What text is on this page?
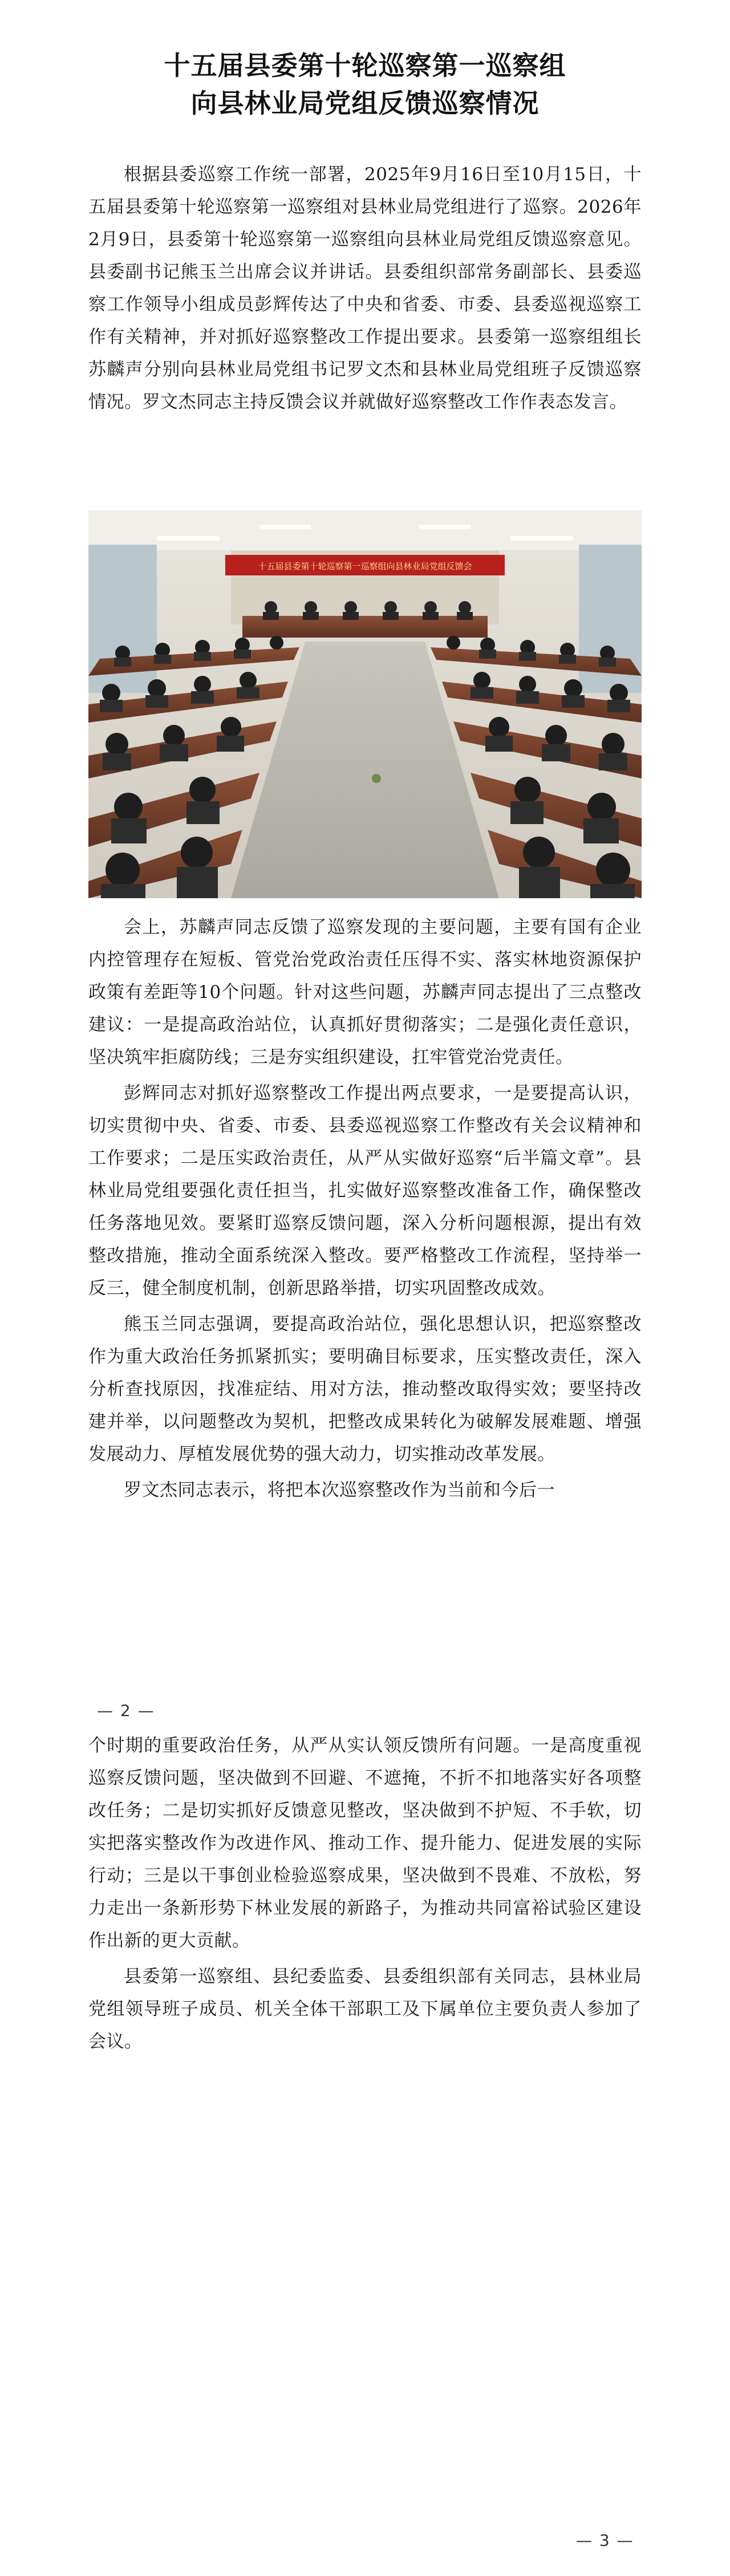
十五届县委第十轮巡察第一巡察组
向县林业局党组反馈巡察情况

根据县委巡察工作统一部署，2025年9月16日至10月15日，十五届县委第十轮巡察第一巡察组对县林业局党组进行了巡察。2026年2月9日，县委第十轮巡察第一巡察组向县林业局党组反馈巡察意见。县委副书记熊玉兰出席会议并讲话。县委组织部常务副部长、县委巡察工作领导小组成员彭辉传达了中央和省委、市委、县委巡视巡察工作有关精神，并对抓好巡察整改工作提出要求。县委第一巡察组组长苏麟声分别向县林业局党组书记罗文杰和县林业局党组班子反馈巡察情况。罗文杰同志主持反馈会议并就做好巡察整改工作作表态发言。

十五届县委第十轮巡察第一巡察组向县林业局党组反馈会

会上，苏麟声同志反馈了巡察发现的主要问题，主要有国有企业内控管理存在短板、管党治党政治责任压得不实、落实林地资源保护政策有差距等10个问题。针对这些问题，苏麟声同志提出了三点整改建议：一是提高政治站位，认真抓好贯彻落实；二是强化责任意识，坚决筑牢拒腐防线；三是夯实组织建设，扛牢管党治党责任。

彭辉同志对抓好巡察整改工作提出两点要求，一是要提高认识，切实贯彻中央、省委、市委、县委巡视巡察工作整改有关会议精神和工作要求；二是压实政治责任，从严从实做好巡察“后半篇文章”。县林业局党组要强化责任担当，扎实做好巡察整改准备工作，确保整改任务落地见效。要紧盯巡察反馈问题，深入分析问题根源，提出有效整改措施，推动全面系统深入整改。要严格整改工作流程，坚持举一反三，健全制度机制，创新思路举措，切实巩固整改成效。

熊玉兰同志强调，要提高政治站位，强化思想认识，把巡察整改作为重大政治任务抓紧抓实；要明确目标要求，压实整改责任，深入分析查找原因，找准症结、用对方法，推动整改取得实效；要坚持改建并举，以问题整改为契机，把整改成果转化为破解发展难题、增强发展动力、厚植发展优势的强大动力，切实推动改革发展。

罗文杰同志表示，将把本次巡察整改作为当前和今后一

— 2 —

个时期的重要政治任务，从严从实认领反馈所有问题。一是高度重视巡察反馈问题，坚决做到不回避、不遮掩，不折不扣地落实好各项整改任务；二是切实抓好反馈意见整改，坚决做到不护短、不手软，切实把落实整改作为改进作风、推动工作、提升能力、促进发展的实际行动；三是以干事创业检验巡察成果，坚决做到不畏难、不放松，努力走出一条新形势下林业发展的新路子，为推动共同富裕试验区建设作出新的更大贡献。

县委第一巡察组、县纪委监委、县委组织部有关同志，县林业局党组领导班子成员、机关全体干部职工及下属单位主要负责人参加了会议。

— 3 —
